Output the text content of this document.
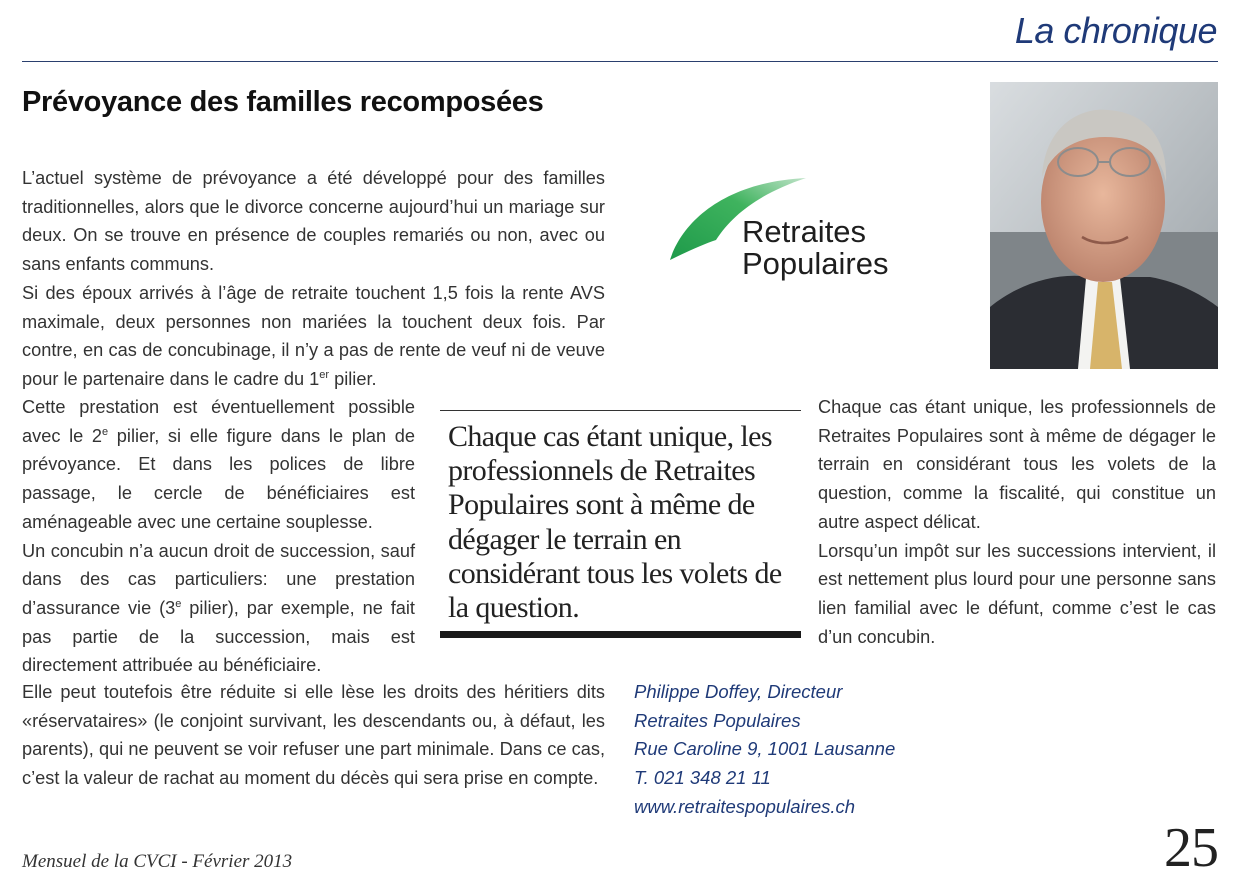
La chronique
Prévoyance des familles recomposées
L’actuel système de prévoyance a été développé pour des familles traditionnelles, alors que le divorce concerne aujourd’hui un mariage sur deux. On se trouve en présence de couples remariés ou non, avec ou sans enfants communs.
Si des époux arrivés à l’âge de retraite touchent 1,5 fois la rente AVS maximale, deux personnes non mariées la touchent deux fois. Par contre, en cas de concubinage, il n’y a pas de rente de veuf ni de veuve pour le partenaire dans le cadre du 1er pilier.
Cette prestation est éventuellement possible avec le 2e pilier, si elle figure dans le plan de prévoyance. Et dans les polices de libre passage, le cercle de bénéficiaires est aménageable avec une certaine souplesse.
Un concubin n’a aucun droit de succession, sauf dans des cas particuliers: une prestation d’assurance vie (3e pilier), par exemple, ne fait pas partie de la succession, mais est directement attribuée au bénéficiaire.
Elle peut toutefois être réduite si elle lèse les droits des héritiers dits «réservataires» (le conjoint survivant, les descendants ou, à défaut, les parents), qui ne peuvent se voir refuser une part minimale. Dans ce cas, c’est la valeur de rachat au moment du décès qui sera prise en compte.
Chaque cas étant unique, les professionnels de Retraites Populaires sont à même de dégager le terrain en considérant tous les volets de la question, comme la fiscalité, qui constitue un autre aspect délicat.
Lorsqu’un impôt sur les successions intervient, il est nettement plus lourd pour une personne sans lien familial avec le défunt, comme c’est le cas d’un concubin.

Chaque cas étant unique, les professionnels de Retraites Populaires sont à même de dégager le terrain en considérant tous les volets de la question.

Retraites
Populaires
Philippe Doffey, Directeur
Retraites Populaires
Rue Caroline 9, 1001 Lausanne
T. 021 348 21 11
www.retraitespopulaires.ch
Mensuel de la CVCI - Février 2013	25
